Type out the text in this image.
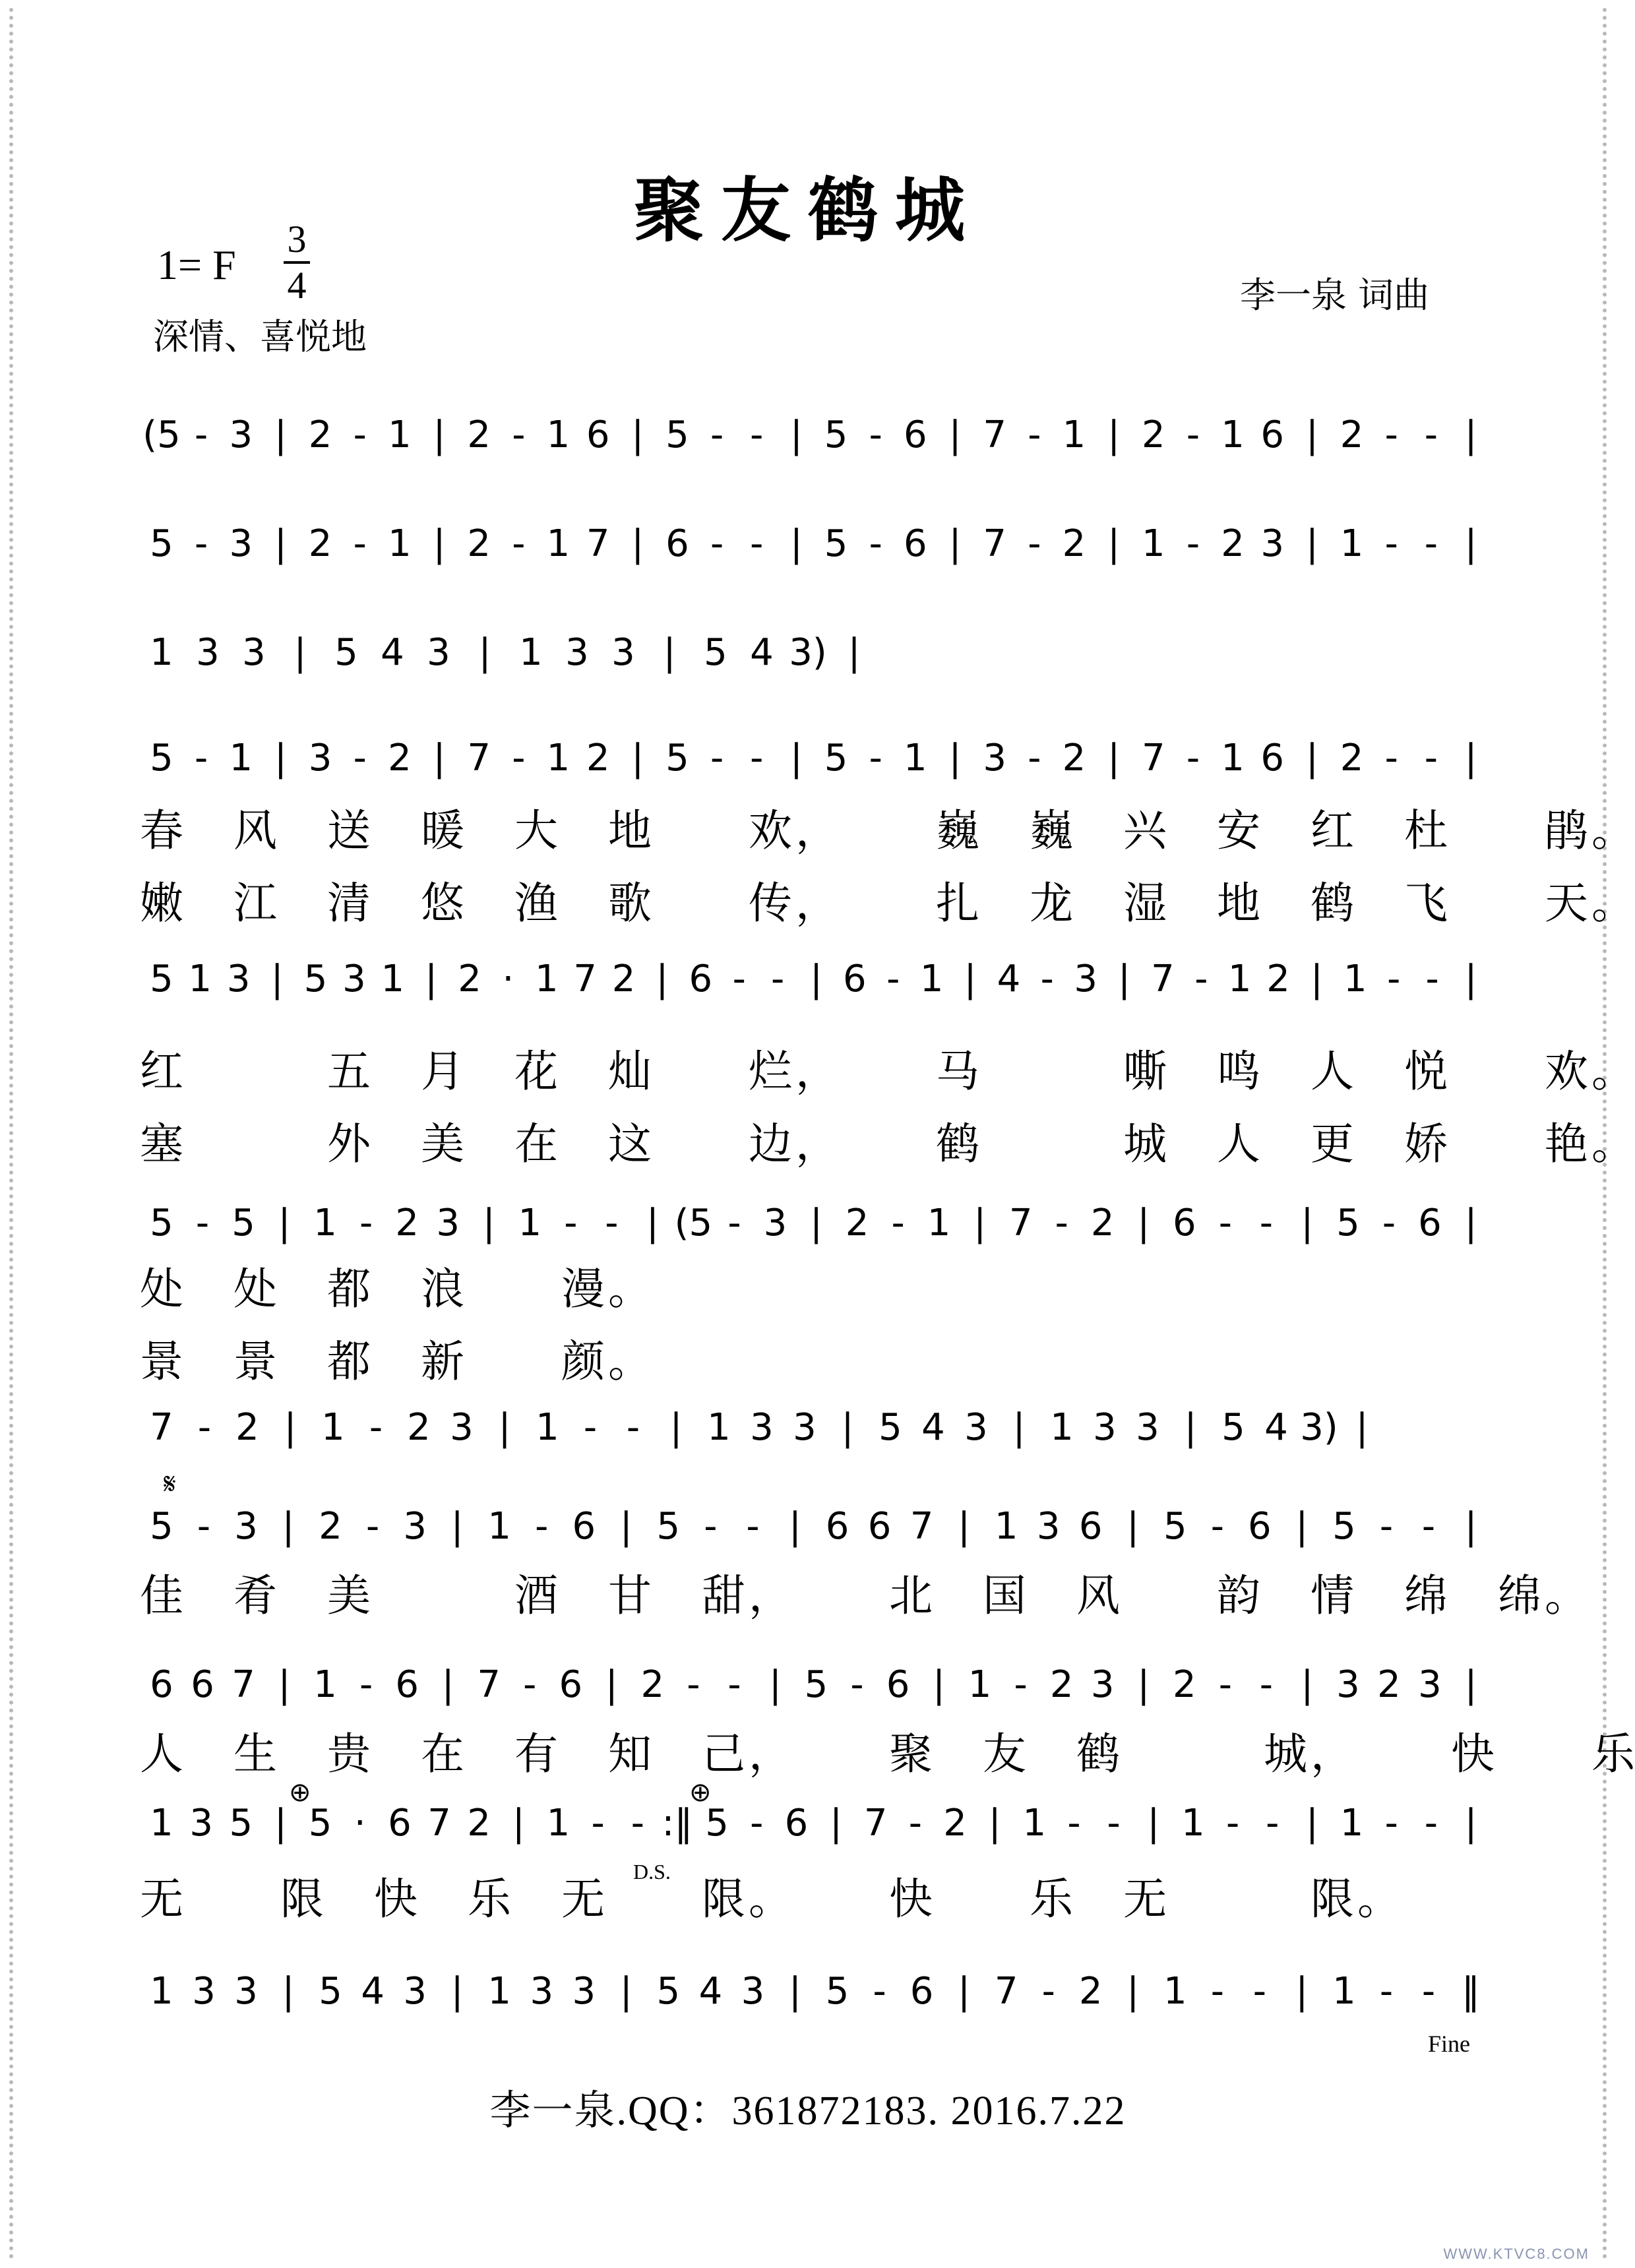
聚友鹤城
1= F
3
4
深情、喜悦地
李一泉 词曲
(5 - 3 | 2 - 1 | 2 - 1 6 | 5 - - | 5 - 6 | 7 - 1 | 2 - 1 6 | 2 - - |
5 - 3 | 2 - 1 | 2 - 1 7 | 6 - - | 5 - 6 | 7 - 2 | 1 - 2 3 | 1 - - |
1 3 3 | 5 4 3 | 1 3 3 | 5 4 3) |
5 - 1 | 3 - 2 | 7 - 1 2 | 5 - - | 5 - 1 | 3 - 2 | 7 - 1 6 | 2 - - |
春 风 送 暖 大 地 欢 ， 巍 巍 兴 安 红 杜 鹃 。
嫩 江 清 悠 渔 歌 传 ， 扎 龙 湿 地 鹤 飞 天 。
5 1 3 | 5 3 1 | 2 · 1 7 2 | 6 - - | 6 - 1 | 4 - 3 | 7 - 1 2 | 1 - - |
红	五 月 花 灿 烂 ， 马	嘶 鸣 人 悦 欢 。
塞	外 美 在 这 边 ， 鹤	城 人 更 娇 艳 。
5 - 5 | 1 - 2 3 | 1 - - | (5 - 3 | 2 - 1 | 7 - 2 | 6 - - | 5 - 6 |
处 处 都 浪 漫 。
景 景 都 新 颜 。
7 - 2 | 1 - 2 3 | 1 - - | 1 3 3 | 5 4 3 | 1 3 3 | 5 4 3) |
5 - 3 | 2 - 3 | 1 - 6 | 5 - - | 6 6 7 | 1 3 6 | 5 - 6 | 5 - - |
佳 肴 美	酒 甘 甜 ， 北 国 风 韵 情 绵 绵 。
6 6 7 | 1 - 6 | 7 - 6 | 2 - - | 5 - 6 | 1 - 2 3 | 2 - - | 3 2 3 |
人 生 贵 在 有 知 己 ， 聚 友 鹤	城 ， 快 乐
1 3 5 | 5 · 6 7 2 | 1 - - :‖ 5 - 6 | 7 - 2 | 1 - - | 1 - - | 1 - - |
无 限 快 乐 无 限 。 快 乐 无	限 。
1 3 3 | 5 4 3 | 1 3 3 | 5 4 3 | 5 - 6 | 7 - 2 | 1 - - | 1 - - ‖
D.S.
Fine
𝄋
⊕	⊕
李一泉.QQ：361872183. 2016.7.22
WWW.KTVC8.COM
